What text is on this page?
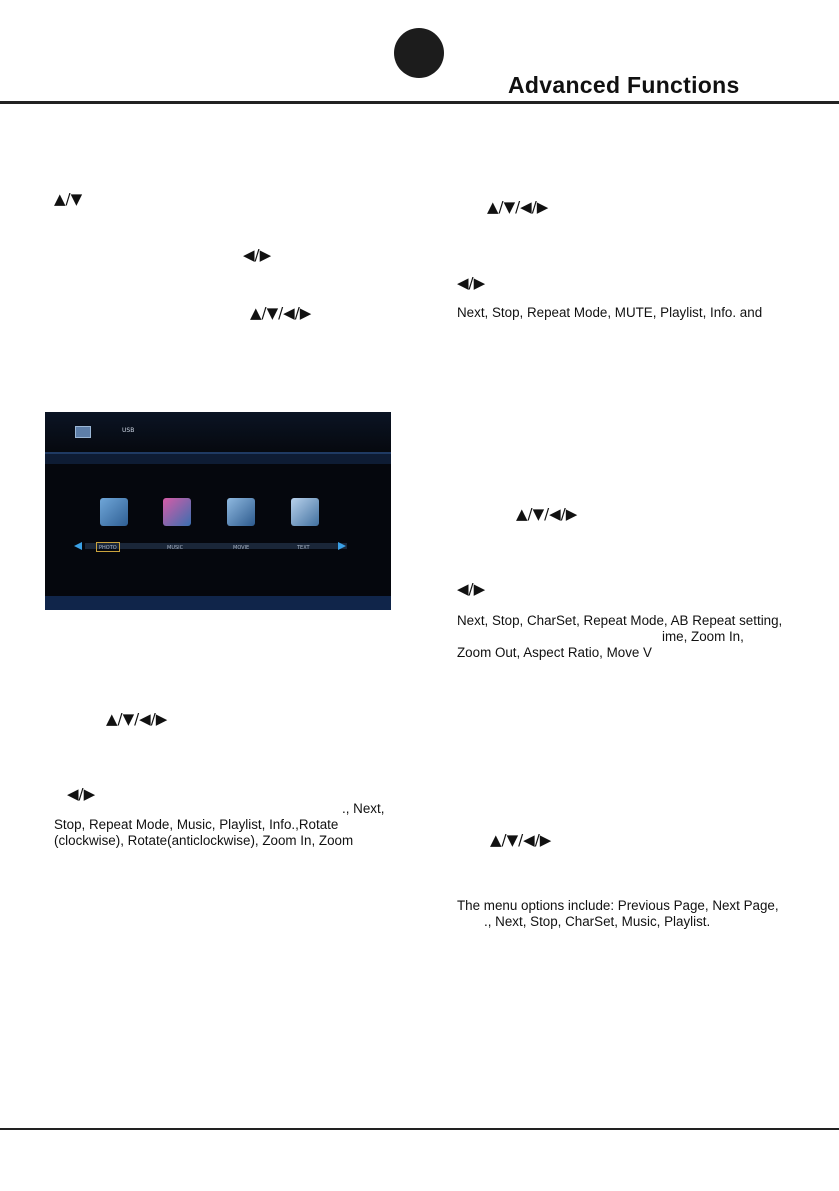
Advanced Functions
▲/▼
◀/▶
▲/▼/◀/▶
USB
PHOTO	MUSIC	MOVIE	TEXT
▲/▼/◀/▶
◀/▶
., Next,
Stop, Repeat Mode, Music, Playlist, Info.,Rotate
(clockwise), Rotate(anticlockwise), Zoom In, Zoom
▲/▼/◀/▶
◀/▶
Next, Stop, Repeat Mode, MUTE, Playlist, Info. and
▲/▼/◀/▶
◀/▶
Next, Stop, CharSet, Repeat Mode, AB Repeat setting,
ime, Zoom In,
Zoom Out, Aspect Ratio, Move V
▲/▼/◀/▶
The menu options include: Previous Page, Next Page,
., Next, Stop, CharSet, Music, Playlist.
